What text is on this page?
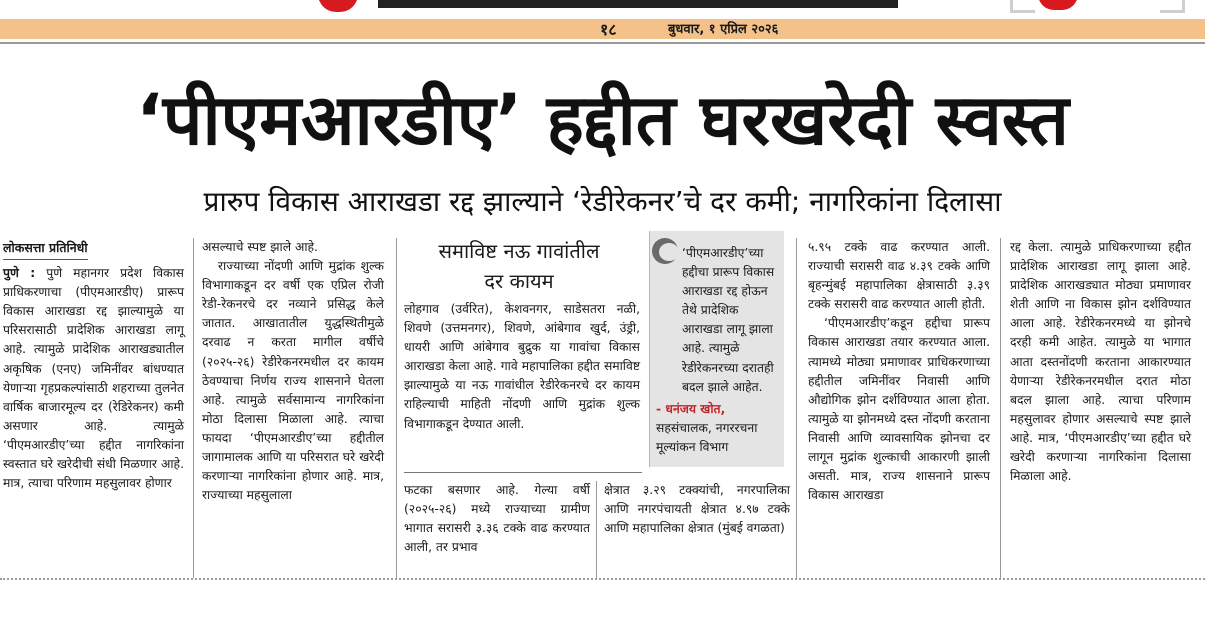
१८	बुधवार, १ एप्रिल २०२६
‘पीएमआरडीए’ हद्दीत घरखरेदी स्वस्त
प्रारुप विकास आराखडा रद्द झाल्याने ‘रेडीरेकनर’चे दर कमी; नागरिकांना दिलासा

लोकसत्ता प्रतिनिधी

पुणे : पुणे महानगर प्रदेश विकास प्राधिकरणाचा (पीएमआरडीए) प्रारूप विकास आराखडा रद्द झाल्यामुळे या परिसरासाठी प्रादेशिक आराखडा लागू आहे. त्यामुळे प्रादेशिक आराखड्यातील अकृषिक (एनए) जमिनींवर बांधण्यात येणाऱ्या गृहप्रकल्पांसाठी शहराच्या तुलनेत वार्षिक बाजारमूल्य दर (रेडिरेकनर) कमी असणार आहे. त्यामुळे ‘पीएमआरडीए’च्या हद्दीत नागरिकांना स्वस्तात घरे खरेदीची संधी मिळणार आहे. मात्र, त्याचा परिणाम महसुलावर होणार

असल्याचे स्पष्ट झाले आहे.

राज्याच्या नोंदणी आणि मुद्रांक शुल्क विभागाकडून दर वर्षी एक एप्रिल रोजी रेडी-रेकनरचे दर नव्याने प्रसिद्ध केले जातात. आखातातील युद्धस्थितीमुळे दरवाढ न करता मागील वर्षीचे (२०२५-२६) रेडीरेकनरमधील दर कायम ठेवण्याचा निर्णय राज्य शासनाने घेतला आहे. त्यामुळे सर्वसामान्य नागरिकांना मोठा दिलासा मिळाला आहे. त्याचा फायदा ‘पीएमआरडीए’च्या हद्दीतील जागामालक आणि या परिसरात घरे खरेदी करणाऱ्या नागरिकांना होणार आहे. मात्र, राज्याच्या महसुलाला

समाविष्ट नऊ गावांतील
दर कायम
लोहगाव (उर्वरित), केशवनगर, साडेसतरा नळी, शिवणे (उत्तमनगर), शिवणे, आंबेगाव खुर्द, उंड्री, धायरी आणि आंबेगाव बुद्रुक या गावांचा विकास आराखडा केला आहे. गावे महापालिका हद्दीत समाविष्ट झाल्यामुळे या नऊ गावांधील रेडीरेकनरचे दर कायम राहिल्याची माहिती नोंदणी आणि मुद्रांक शुल्क विभागाकडून देण्यात आली.
‘पीएमआरडीए’च्या हद्दीचा प्रारूप विकास आराखडा रद्द होऊन तेथे प्रादेशिक आराखडा लागू झाला आहे. त्यामुळे रेडीरेकनरच्या दरातही बदल झाले आहेत.
- धनंजय खोत,
सहसंचालक, नगररचना मूल्यांकन विभाग
फटका बसणार आहे. गेल्या वर्षी (२०२५-२६) मध्ये राज्याच्या ग्रामीण भागात सरासरी ३.३६ टक्के वाढ करण्यात आली, तर प्रभाव
क्षेत्रात ३.२९ टक्क्यांची, नगरपालिका आणि नगरपंचायती क्षेत्रात ४.९७ टक्के आणि महापालिका क्षेत्रात (मुंबई वगळता)

५.९५ टक्के वाढ करण्यात आली. राज्याची सरासरी वाढ ४.३९ टक्के आणि बृहन्मुंबई महापालिका क्षेत्रासाठी ३.३९ टक्के सरासरी वाढ करण्यात आली होती.

‘पीएमआरडीए’कडून हद्दीचा प्रारूप विकास आराखडा तयार करण्यात आला. त्यामध्ये मोठ्या प्रमाणावर प्राधिकरणाच्या हद्दीतील जमिनींवर निवासी आणि औद्योगिक झोन दर्शविण्यात आला होता. त्यामुळे या झोनमध्ये दस्त नोंदणी करताना निवासी आणि व्यावसायिक झोनचा दर लागून मुद्रांक शुल्काची आकारणी झाली असती. मात्र, राज्य शासनाने प्रारूप विकास आराखडा

रद्द केला. त्यामुळे प्राधिकरणाच्या हद्दीत प्रादेशिक आराखडा लागू झाला आहे. प्रादेशिक आराखड्यात मोठ्या प्रमाणावर शेती आणि ना विकास झोन दर्शविण्यात आला आहे. रेडीरेकनरमध्ये या झोनचे दरही कमी आहेत. त्यामुळे या भागात आता दस्तनोंदणी करताना आकारण्यात येणाऱ्या रेडीरेकनरमधील दरात मोठा बदल झाला आहे. त्याचा परिणाम महसुलावर होणार असल्याचे स्पष्ट झाले आहे. मात्र, ‘पीएमआरडीए’च्या हद्दीत घरे खरेदी करणाऱ्या नागरिकांना दिलासा मिळाला आहे.
